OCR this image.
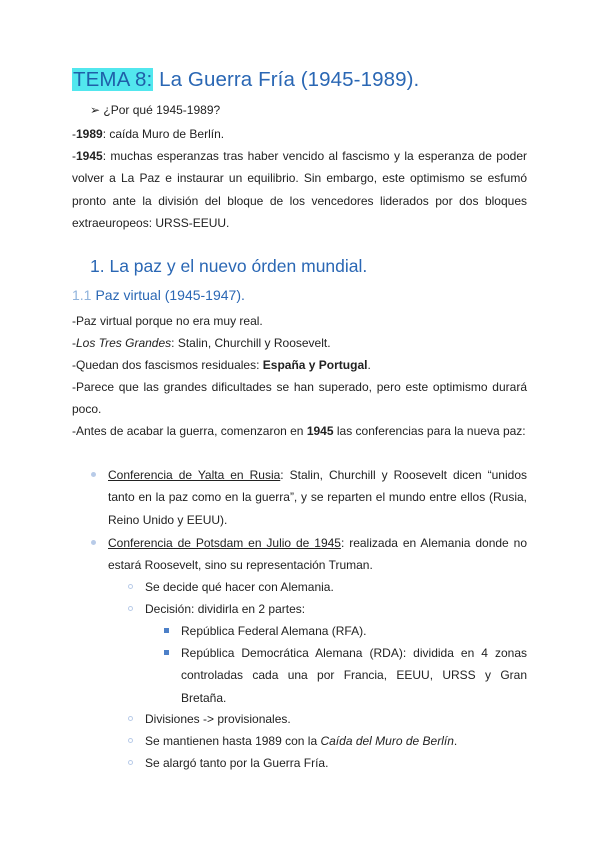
TEMA 8: La Guerra Fría (1945-1989).
➢ ¿Por qué 1945-1989?
-1989: caída Muro de Berlín.
-1945: muchas esperanzas tras haber vencido al fascismo y la esperanza de poder volver a La Paz e instaurar un equilibrio. Sin embargo, este optimismo se esfumó pronto ante la división del bloque de los vencedores liderados por dos bloques extraeuropeos: URSS-EEUU.
1. La paz y el nuevo órden mundial.
1.1 Paz virtual (1945-1947).
-Paz virtual porque no era muy real.
-Los Tres Grandes: Stalin, Churchill y Roosevelt.
-Quedan dos fascismos residuales: España y Portugal.
-Parece que las grandes dificultades se han superado, pero este optimismo durará poco.
-Antes de acabar la guerra, comenzaron en 1945 las conferencias para la nueva paz:
Conferencia de Yalta en Rusia: Stalin, Churchill y Roosevelt dicen “unidos tanto en la paz como en la guerra”, y se reparten el mundo entre ellos (Rusia, Reino Unido y EEUU).
Conferencia de Potsdam en Julio de 1945: realizada en Alemania donde no estará Roosevelt, sino su representación Truman.
Se decide qué hacer con Alemania.
Decisión: dividirla en 2 partes:
República Federal Alemana (RFA).
República Democrática Alemana (RDA): dividida en 4 zonas controladas cada una por Francia, EEUU, URSS y Gran Bretaña.
Divisiones -> provisionales.
Se mantienen hasta 1989 con la Caída del Muro de Berlín.
Se alargó tanto por la Guerra Fría.
